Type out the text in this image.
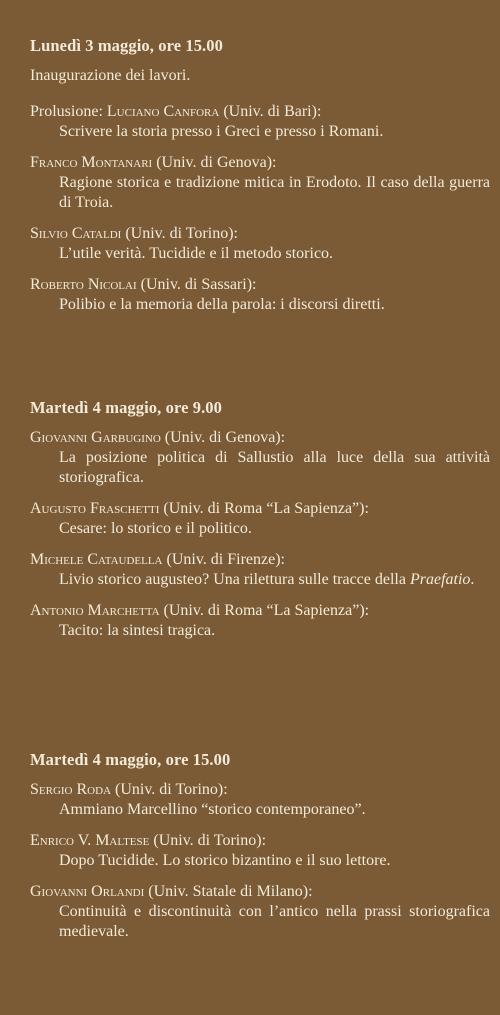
Lunedì 3 maggio, ore 15.00

Inaugurazione dei lavori.

Prolusione: Luciano Canfora (Univ. di Bari):

Scrivere la storia presso i Greci e presso i Romani.

Franco Montanari (Univ. di Genova):

Ragione storica e tradizione mitica in Erodoto. Il caso della guerra di Troia.

Silvio Cataldi (Univ. di Torino):

L’utile verità. Tucidide e il metodo storico.

Roberto Nicolai (Univ. di Sassari):

Polibio e la memoria della parola: i discorsi diretti.

Martedì 4 maggio, ore 9.00

Giovanni Garbugino (Univ. di Genova):

La posizione politica di Sallustio alla luce della sua attività storiografica.

Augusto Fraschetti (Univ. di Roma “La Sapienza”):

Cesare: lo storico e il politico.

Michele Cataudella (Univ. di Firenze):

Livio storico augusteo? Una rilettura sulle tracce della Praefatio.

Antonio Marchetta (Univ. di Roma “La Sapienza”):

Tacito: la sintesi tragica.

Martedì 4 maggio, ore 15.00

Sergio Roda (Univ. di Torino):

Ammiano Marcellino “storico contemporaneo”.

Enrico V. Maltese (Univ. di Torino):

Dopo Tucidide. Lo storico bizantino e il suo lettore.

Giovanni Orlandi (Univ. Statale di Milano):

Continuità e discontinuità con l’antico nella prassi storiografica medievale.
